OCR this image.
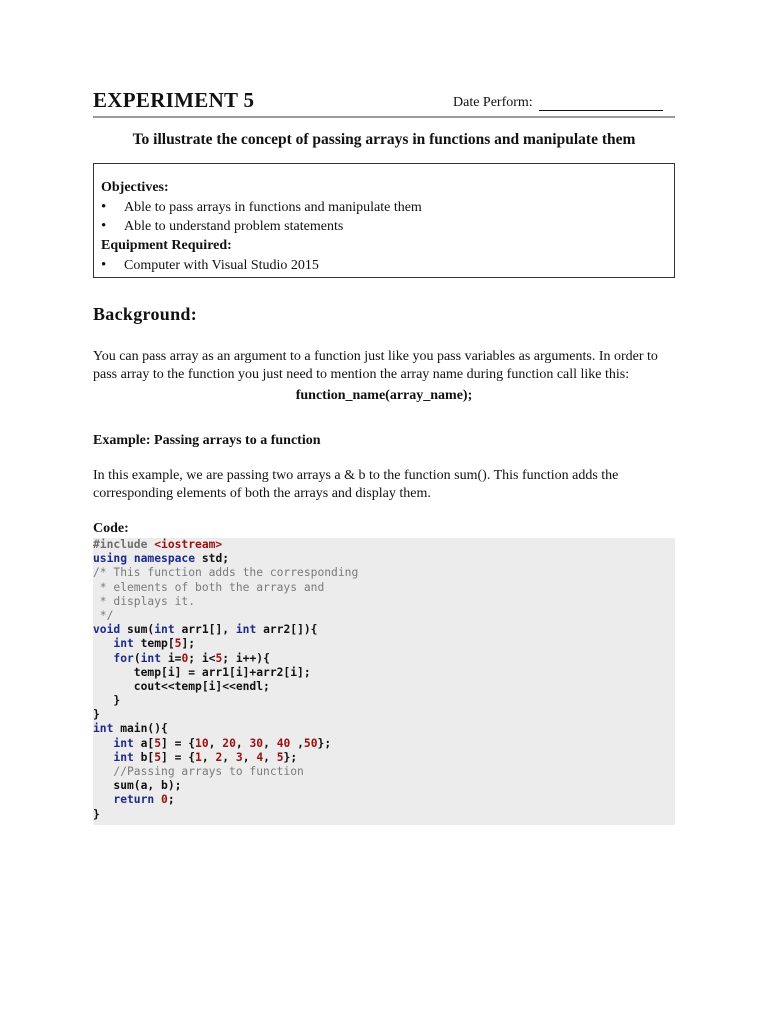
EXPERIMENT 5	Date Perform:
To illustrate the concept of passing arrays in functions and manipulate them
Objectives:
• Able to pass arrays in functions and manipulate them
• Able to understand problem statements
Equipment Required:
• Computer with Visual Studio 2015
Background:

You can pass array as an argument to a function just like you pass variables as arguments. In order to pass array to the function you just need to mention the array name during function call like this:

function_name(array_name);

Example: Passing arrays to a function

In this example, we are passing two arrays a & b to the function sum(). This function adds the corresponding elements of both the arrays and display them.

Code:

#include <iostream>
using namespace std;
/* This function adds the corresponding
* elements of both the arrays and
* displays it.
*/
void sum(int arr1[], int arr2[]){
int temp[5];
for(int i=0; i<5; i++){
temp[i] = arr1[i]+arr2[i];
cout<<temp[i]<<endl;
}
}
int main(){
int a[5] = {10, 20, 30, 40 ,50};
int b[5] = {1, 2, 3, 4, 5};
//Passing arrays to function
sum(a, b);
return 0;
}
